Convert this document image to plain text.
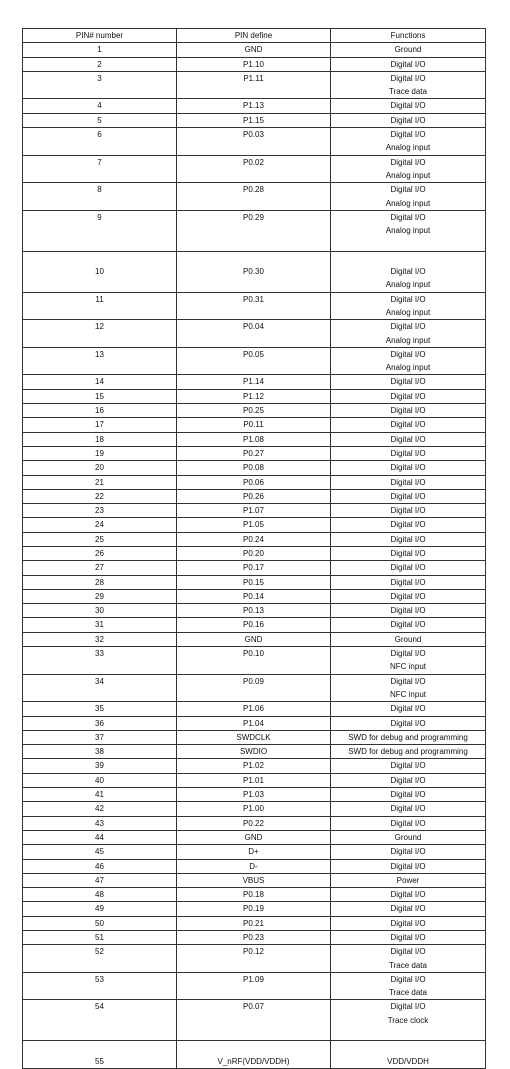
PIN# number	PIN define	Functions

1	GND	Ground

2	P1.10	Digital I/O

3	P1.11	Digital I/O
Trace data

4	P1.13	Digital I/O

5	P1.15	Digital I/O

6	P0.03	Digital I/O
Analog input

7	P0.02	Digital I/O
Analog input

8	P0.28	Digital I/O
Analog input

9	P0.29	Digital I/O
Analog input

10	P0.30	Digital I/O
Analog input

11	P0.31	Digital I/O
Analog input

12	P0.04	Digital I/O
Analog input

13	P0.05	Digital I/O
Analog input

14	P1.14	Digital I/O

15	P1.12	Digital I/O

16	P0.25	Digital I/O

17	P0.11	Digital I/O

18	P1.08	Digital I/O

19	P0.27	Digital I/O

20	P0.08	Digital I/O

21	P0.06	Digital I/O

22	P0.26	Digital I/O

23	P1.07	Digital I/O

24	P1.05	Digital I/O

25	P0.24	Digital I/O

26	P0.20	Digital I/O

27	P0.17	Digital I/O

28	P0.15	Digital I/O

29	P0.14	Digital I/O

30	P0.13	Digital I/O

31	P0.16	Digital I/O

32	GND	Ground

33	P0.10	Digital I/O
NFC input

34	P0.09	Digital I/O
NFC input

35	P1.06	Digital I/O

36	P1.04	Digital I/O

37	SWDCLK	SWD for debug and programming

38	SWDIO	SWD for debug and programming

39	P1.02	Digital I/O

40	P1.01	Digital I/O

41	P1.03	Digital I/O

42	P1.00	Digital I/O

43	P0.22	Digital I/O

44	GND	Ground

45	D+	Digital I/O

46	D-	Digital I/O

47	VBUS	Power

48	P0.18	Digital I/O

49	P0.19	Digital I/O

50	P0.21	Digital I/O

51	P0.23	Digital I/O

52	P0.12	Digital I/O
Trace data

53	P1.09	Digital I/O
Trace data

54	P0.07	Digital I/O
Trace clock

55	V_nRF(VDD/VDDH)	VDD/VDDH
